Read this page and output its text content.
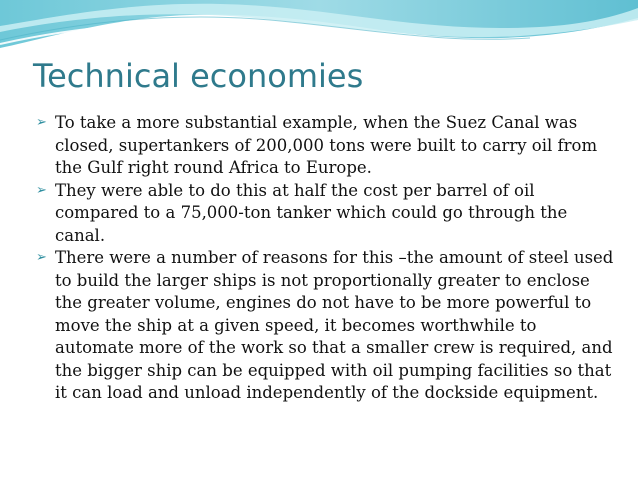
Technical economies
➢ To take a more substantial example, when the Suez Canal was closed, supertankers of 200,000 tons were built to carry oil from the Gulf right round Africa to Europe.
➢ They were able to do this at half the cost per barrel of oil compared to a 75,000-ton tanker which could go through the canal.
➢ There were a number of reasons for this –the amount of steel used to build the larger ships is not proportionally greater to enclose the greater volume, engines do not have to be more powerful to move the ship at a given speed, it becomes worthwhile to automate more of the work so that a smaller crew is required, and the bigger ship can be equipped with oil pumping facilities so that it can load and unload independently of the dockside equipment.
